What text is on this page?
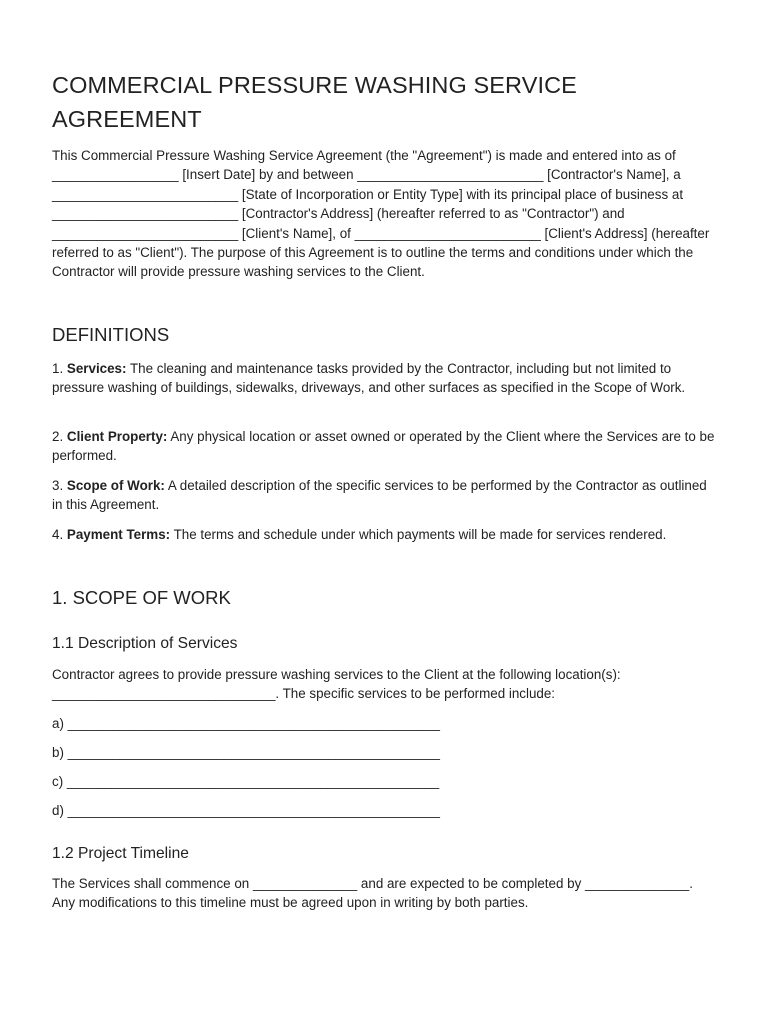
COMMERCIAL PRESSURE WASHING SERVICE AGREEMENT

This Commercial Pressure Washing Service Agreement (the "Agreement") is made and entered into as of _________________ [Insert Date] by and between _________________________ [Contractor's Name], a _________________________ [State of Incorporation or Entity Type] with its principal place of business at _________________________ [Contractor's Address] (hereafter referred to as "Contractor") and _________________________ [Client's Name], of _________________________ [Client's Address] (hereafter referred to as "Client"). The purpose of this Agreement is to outline the terms and conditions under which the Contractor will provide pressure washing services to the Client.

DEFINITIONS

1. Services: The cleaning and maintenance tasks provided by the Contractor, including but not limited to pressure washing of buildings, sidewalks, driveways, and other surfaces as specified in the Scope of Work.

2. Client Property: Any physical location or asset owned or operated by the Client where the Services are to be performed.

3. Scope of Work: A detailed description of the specific services to be performed by the Contractor as outlined in this Agreement.

4. Payment Terms: The terms and schedule under which payments will be made for services rendered.

1. SCOPE OF WORK
1.1 Description of Services

Contractor agrees to provide pressure washing services to the Client at the following location(s): ______________________________. The specific services to be performed include:

a) __________________________________________________

b) __________________________________________________

c) __________________________________________________

d) __________________________________________________

1.2 Project Timeline

The Services shall commence on ______________ and are expected to be completed by ______________. Any modifications to this timeline must be agreed upon in writing by both parties.
